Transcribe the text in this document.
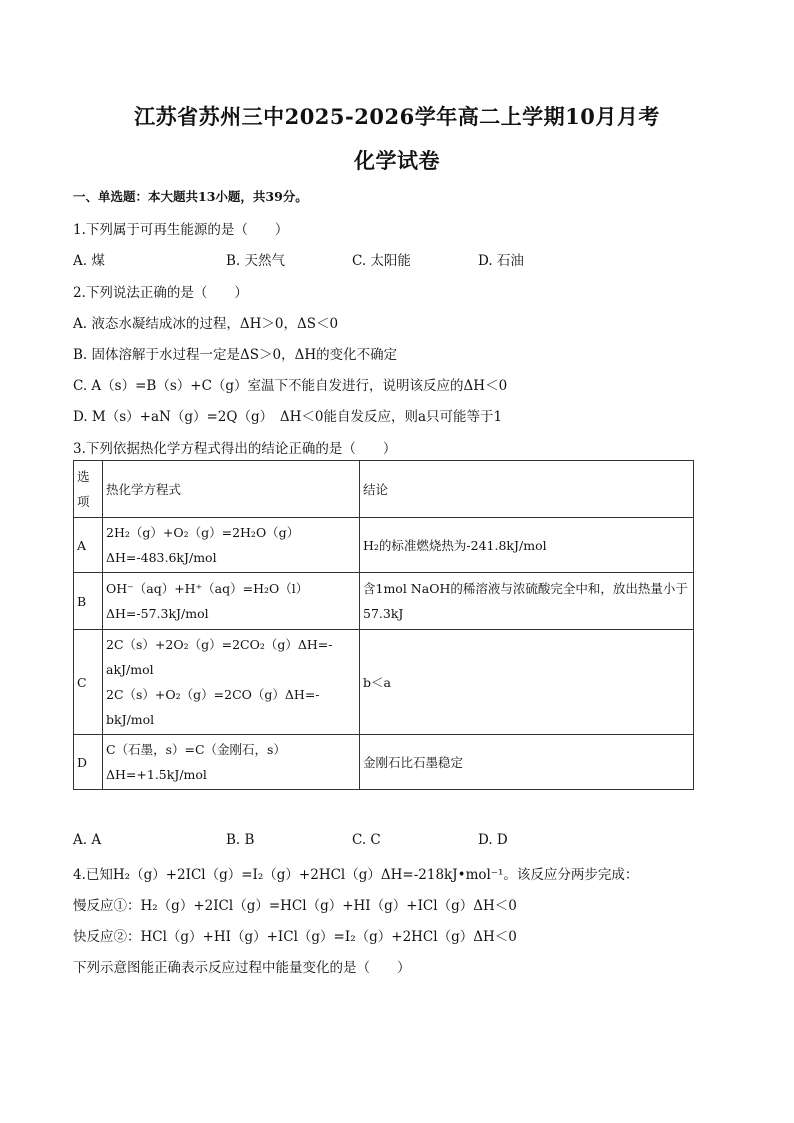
江苏省苏州三中2025-2026学年高二上学期10月月考
化学试卷
一、单选题：本大题共13小题，共39分。
1.下列属于可再生能源的是（　　）
A. 煤	B. 天然气	C. 太阳能	D. 石油
2.下列说法正确的是（　　）
A. 液态水凝结成冰的过程，ΔH＞0，ΔS＜0
B. 固体溶解于水过程一定是ΔS＞0，ΔH的变化不确定
C. A（s）=B（s）+C（g）室温下不能自发进行，说明该反应的ΔH＜0
D. M（s）+aN（g）=2Q（g）　ΔH＜0能自发反应，则a只可能等于1
3.下列依据热化学方程式得出的结论正确的是（　　）
选项	热化学方程式	结论
A	2H₂（g）+O₂（g）=2H₂O（g）ΔH=-483.6kJ/mol	H₂的标准燃烧热为-241.8kJ/mol
B	OH⁻（aq）+H⁺（aq）=H₂O（l）ΔH=-57.3kJ/mol	含1mol NaOH的稀溶液与浓硫酸完全中和，放出热量小于57.3kJ
C	2C（s）+2O₂（g）=2CO₂（g）ΔH=-akJ/mol
2C（s）+O₂（g）=2CO（g）ΔH=-bkJ/mol	b＜a
D	C（石墨，s）=C（金刚石，s）ΔH=+1.5kJ/mol	金刚石比石墨稳定
A. A	B. B	C. C	D. D
4.已知H₂（g）+2ICl（g）=I₂（g）+2HCl（g）ΔH=-218kJ•mol⁻¹。该反应分两步完成：
慢反应①：H₂（g）+2ICl（g）=HCl（g）+HI（g）+ICl（g）ΔH＜0
快反应②：HCl（g）+HI（g）+ICl（g）=I₂（g）+2HCl（g）ΔH＜0
下列示意图能正确表示反应过程中能量变化的是（　　）
